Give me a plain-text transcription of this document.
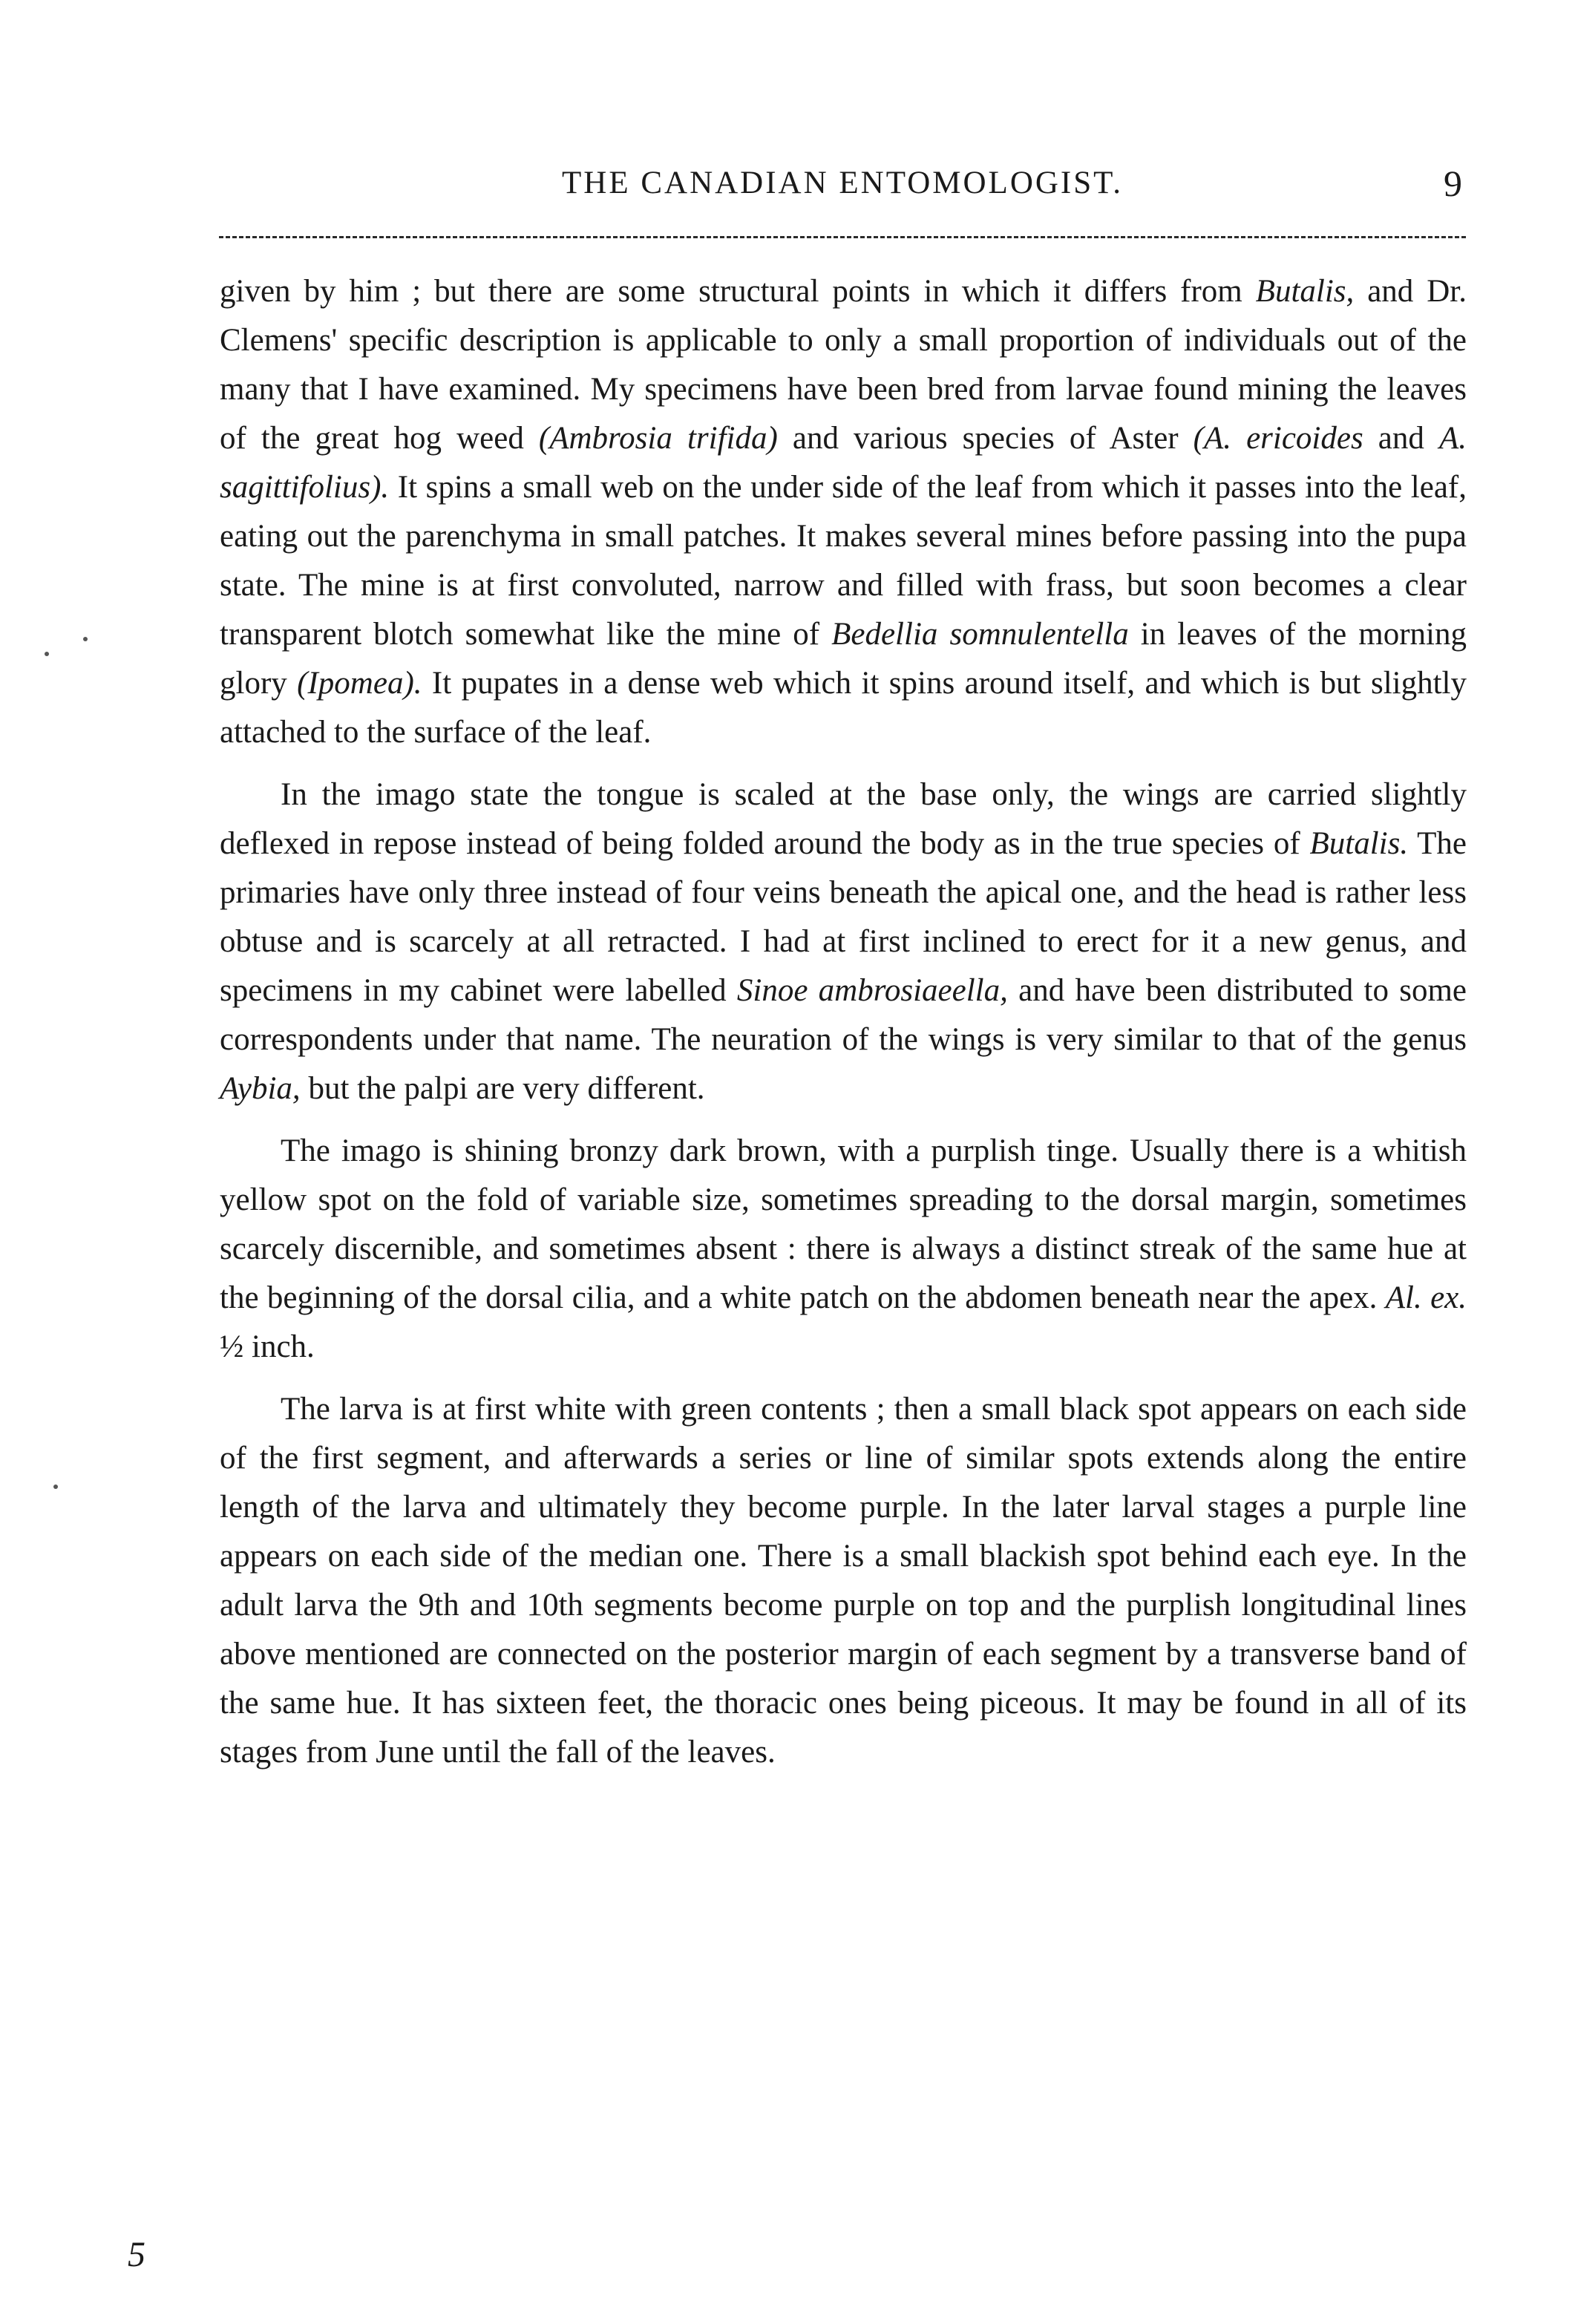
THE CANADIAN ENTOMOLOGIST.	9

given by him ; but there are some structural points in which it differs from Butalis, and Dr. Clemens' specific description is applicable to only a small proportion of individuals out of the many that I have examined. My specimens have been bred from larvae found mining the leaves of the great hog weed (Ambrosia trifida) and various species of Aster (A. ericoides and A. sagittifolius). It spins a small web on the under side of the leaf from which it passes into the leaf, eating out the parenchyma in small patches. It makes several mines before passing into the pupa state. The mine is at first convoluted, narrow and filled with frass, but soon becomes a clear transparent blotch somewhat like the mine of Bedellia somnulentella in leaves of the morning glory (Ipomea). It pupates in a dense web which it spins around itself, and which is but slightly attached to the surface of the leaf.

In the imago state the tongue is scaled at the base only, the wings are carried slightly deflexed in repose instead of being folded around the body as in the true species of Butalis. The primaries have only three instead of four veins beneath the apical one, and the head is rather less obtuse and is scarcely at all retracted. I had at first inclined to erect for it a new genus, and specimens in my cabinet were labelled Sinoe ambrosiaeella, and have been distributed to some correspondents under that name. The neuration of the wings is very similar to that of the genus Aybia, but the palpi are very different.

The imago is shining bronzy dark brown, with a purplish tinge. Usually there is a whitish yellow spot on the fold of variable size, sometimes spreading to the dorsal margin, sometimes scarcely discernible, and sometimes absent : there is always a distinct streak of the same hue at the beginning of the dorsal cilia, and a white patch on the abdomen beneath near the apex. Al. ex. ½ inch.

The larva is at first white with green contents ; then a small black spot appears on each side of the first segment, and afterwards a series or line of similar spots extends along the entire length of the larva and ultimately they become purple. In the later larval stages a purple line appears on each side of the median one. There is a small blackish spot behind each eye. In the adult larva the 9th and 10th segments become purple on top and the purplish longitudinal lines above mentioned are connected on the posterior margin of each segment by a transverse band of the same hue. It has sixteen feet, the thoracic ones being piceous. It may be found in all of its stages from June until the fall of the leaves.

5
